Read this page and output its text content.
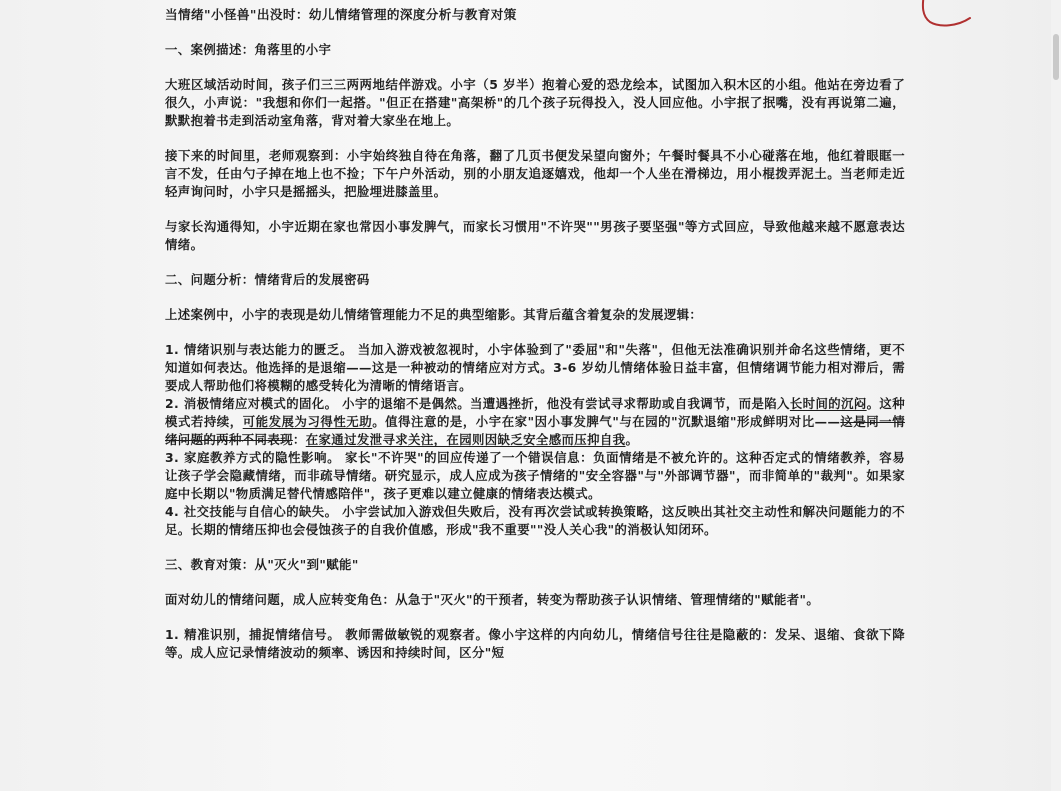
当情绪"小怪兽"出没时：幼儿情绪管理的深度分析与教育对策

一、案例描述：角落里的小宇

大班区域活动时间，孩子们三三两两地结伴游戏。小宇（5 岁半）抱着心爱的恐龙绘本，试图加入积木区的小组。他站在旁边看了很久，小声说："我想和你们一起搭。"但正在搭建"高架桥"的几个孩子玩得投入，没人回应他。小宇抿了抿嘴，没有再说第二遍，默默抱着书走到活动室角落，背对着大家坐在地上。

接下来的时间里，老师观察到：小宇始终独自待在角落，翻了几页书便发呆望向窗外；午餐时餐具不小心碰落在地，他红着眼眶一言不发，任由勺子掉在地上也不捡；下午户外活动，别的小朋友追逐嬉戏，他却一个人坐在滑梯边，用小棍拨弄泥土。当老师走近轻声询问时，小宇只是摇摇头，把脸埋进膝盖里。

与家长沟通得知，小宇近期在家也常因小事发脾气，而家长习惯用"不许哭""男孩子要坚强"等方式回应，导致他越来越不愿意表达情绪。

二、问题分析：情绪背后的发展密码

上述案例中，小宇的表现是幼儿情绪管理能力不足的典型缩影。其背后蕴含着复杂的发展逻辑：

1. 情绪识别与表达能力的匮乏。 当加入游戏被忽视时，小宇体验到了"委屈"和"失落"，但他无法准确识别并命名这些情绪，更不知道如何表达。他选择的是退缩——这是一种被动的情绪应对方式。3-6 岁幼儿情绪体验日益丰富，但情绪调节能力相对滞后，需要成人帮助他们将模糊的感受转化为清晰的情绪语言。

2. 消极情绪应对模式的固化。 小宇的退缩不是偶然。当遭遇挫折，他没有尝试寻求帮助或自我调节，而是陷入长时间的沉闷。这种模式若持续，可能发展为习得性无助。值得注意的是，小宇在家"因小事发脾气"与在园的"沉默退缩"形成鲜明对比——这是同一情绪问题的两种不同表现：在家通过发泄寻求关注，在园则因缺乏安全感而压抑自我。

3. 家庭教养方式的隐性影响。 家长"不许哭"的回应传递了一个错误信息：负面情绪是不被允许的。这种否定式的情绪教养，容易让孩子学会隐藏情绪，而非疏导情绪。研究显示，成人应成为孩子情绪的"安全容器"与"外部调节器"，而非简单的"裁判"。如果家庭中长期以"物质满足替代情感陪伴"，孩子更难以建立健康的情绪表达模式。

4. 社交技能与自信心的缺失。 小宇尝试加入游戏但失败后，没有再次尝试或转换策略，这反映出其社交主动性和解决问题能力的不足。长期的情绪压抑也会侵蚀孩子的自我价值感，形成"我不重要""没人关心我"的消极认知闭环。

三、教育对策：从"灭火"到"赋能"

面对幼儿的情绪问题，成人应转变角色：从急于"灭火"的干预者，转变为帮助孩子认识情绪、管理情绪的"赋能者"。

1. 精准识别，捕捉情绪信号。 教师需做敏锐的观察者。像小宇这样的内向幼儿，情绪信号往往是隐蔽的：发呆、退缩、食欲下降等。成人应记录情绪波动的频率、诱因和持续时间，区分"短
